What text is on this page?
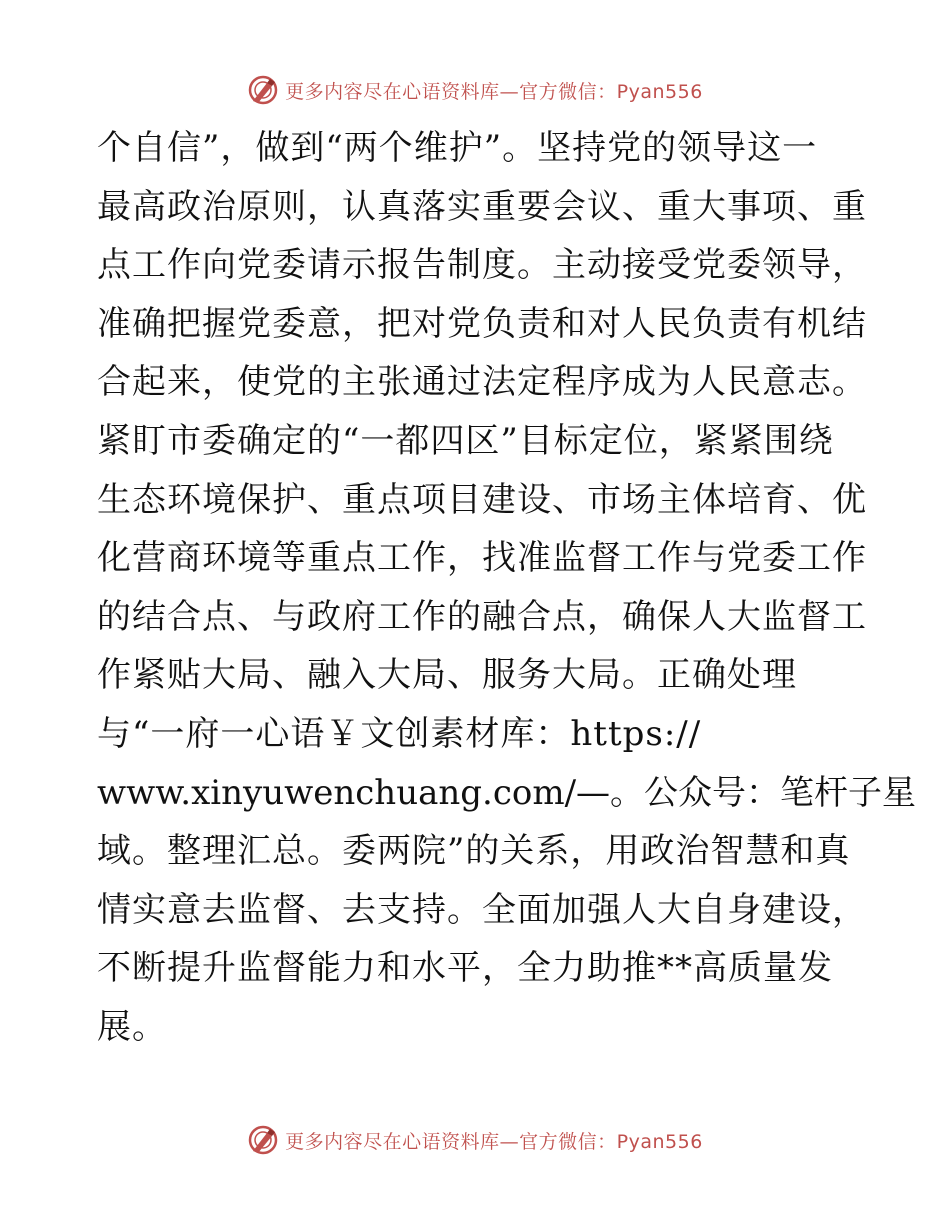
更多内容尽在心语资料库—官方微信：Pyan556
个自信”，做到“两个维护”。坚持党的领导这一
最高政治原则，认真落实重要会议、重大事项、重
点工作向党委请示报告制度。主动接受党委领导，
准确把握党委意，把对党负责和对人民负责有机结
合起来，使党的主张通过法定程序成为人民意志。
紧盯市委确定的“一都四区”目标定位，紧紧围绕
生态环境保护、重点项目建设、市场主体培育、优
化营商环境等重点工作，找准监督工作与党委工作
的结合点、与政府工作的融合点，确保人大监督工
作紧贴大局、融入大局、服务大局。正确处理
与“一府一心语￥文创素材库：https://
www.xinyuwenchuang.com/—。公众号：笔杆子星
域。整理汇总。委两院”的关系，用政治智慧和真
情实意去监督、去支持。全面加强人大自身建设，
不断提升监督能力和水平，全力助推**高质量发
展。
更多内容尽在心语资料库—官方微信：Pyan556
